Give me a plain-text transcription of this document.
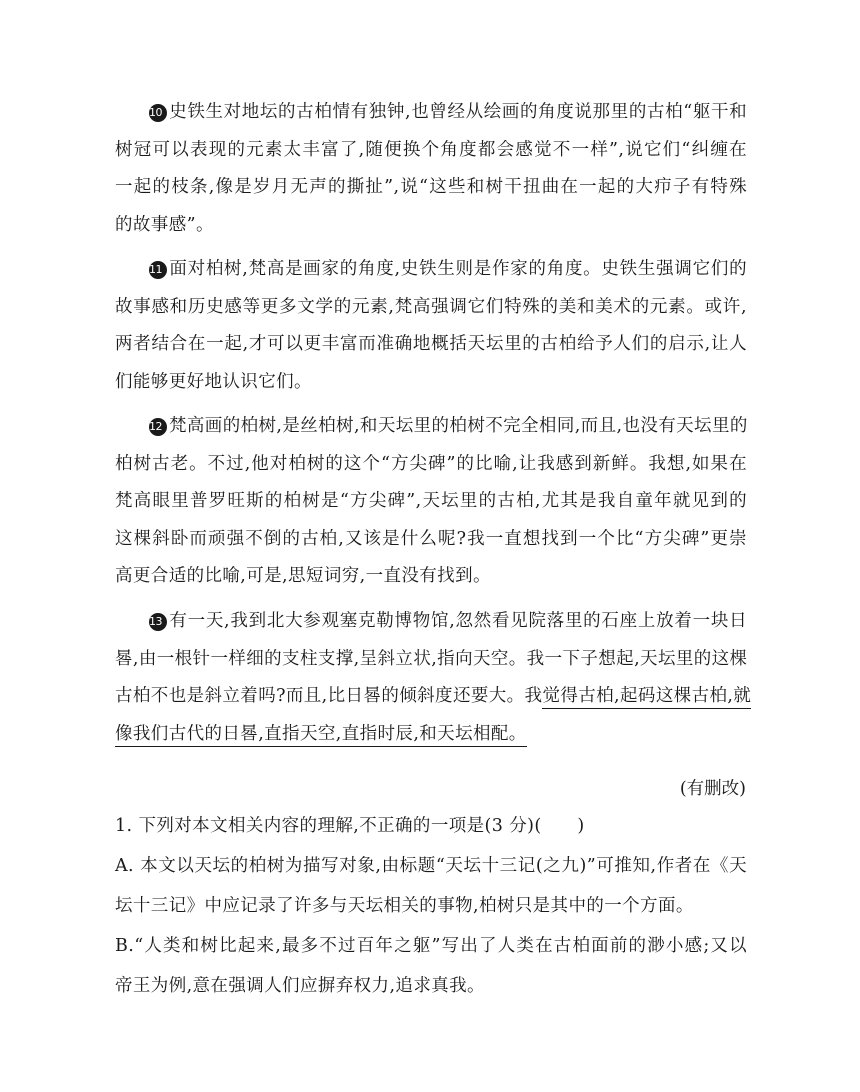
10 史铁生对地坛的古柏情有独钟,也曾经从绘画的角度说那里的古柏“躯干和
树冠可以表现的元素太丰富了,随便换个角度都会感觉不一样”,说它们“纠缠在
一起的枝条,像是岁月无声的撕扯”,说“这些和树干扭曲在一起的大疖子有特殊
的故事感”。
11 面对柏树,梵高是画家的角度,史铁生则是作家的角度。史铁生强调它们的
故事感和历史感等更多文学的元素,梵高强调它们特殊的美和美术的元素。或许,
两者结合在一起,才可以更丰富而准确地概括天坛里的古柏给予人们的启示,让人
们能够更好地认识它们。
12 梵高画的柏树,是丝柏树,和天坛里的柏树不完全相同,而且,也没有天坛里的
柏树古老。不过,他对柏树的这个“方尖碑”的比喻,让我感到新鲜。我想,如果在
梵高眼里普罗旺斯的柏树是“方尖碑”,天坛里的古柏,尤其是我自童年就见到的
这棵斜卧而顽强不倒的古柏,又该是什么呢?我一直想找到一个比“方尖碑”更崇
高更合适的比喻,可是,思短词穷,一直没有找到。
13 有一天,我到北大参观塞克勒博物馆,忽然看见院落里的石座上放着一块日
晷,由一根针一样细的支柱支撑,呈斜立状,指向天空。我一下子想起,天坛里的这棵
古柏不也是斜立着吗?而且,比日晷的倾斜度还要大。我觉得古柏,起码这棵古柏,就
像我们古代的日晷,直指天空,直指时辰,和天坛相配。

(有删改)

1. 下列对本文相关内容的理解,不正确的一项是(3 分)(　　)

A. 本文以天坛的柏树为描写对象,由标题“天坛十三记(之九)”可推知,作者在《天

坛十三记》中应记录了许多与天坛相关的事物,柏树只是其中的一个方面。

B.“人类和树比起来,最多不过百年之躯”写出了人类在古柏面前的渺小感;又以

帝王为例,意在强调人们应摒弃权力,追求真我。
